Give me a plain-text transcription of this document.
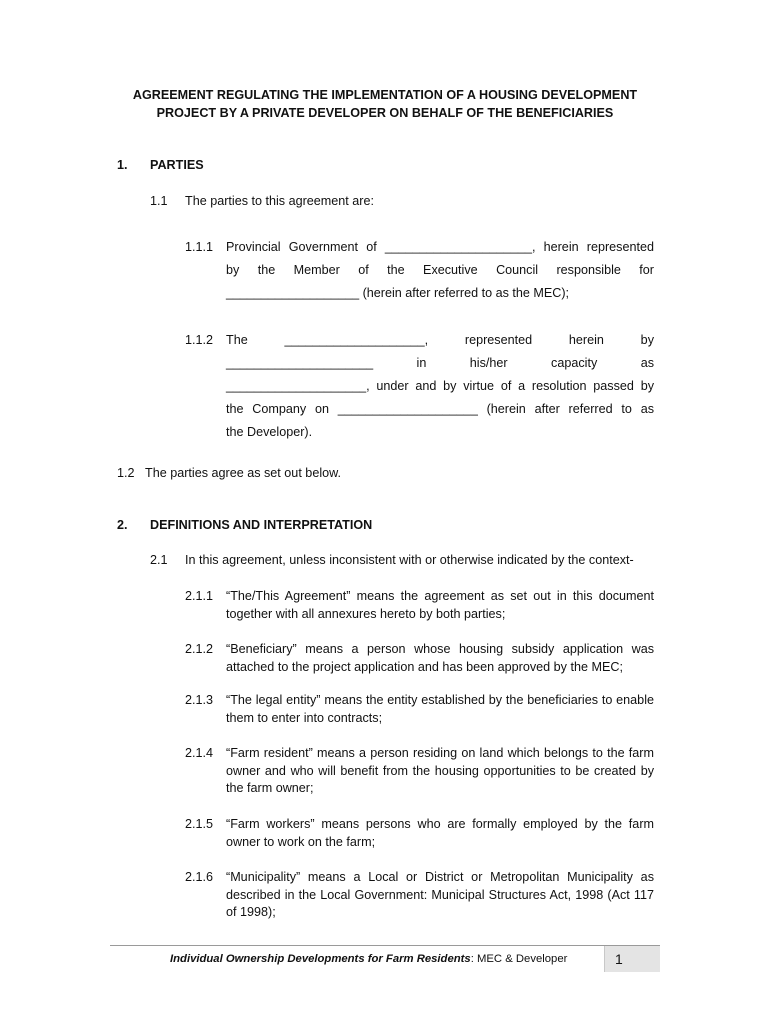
AGREEMENT REGULATING THE IMPLEMENTATION OF A HOUSING DEVELOPMENT
PROJECT BY A PRIVATE DEVELOPER ON BEHALF OF THE BENEFICIARIES
1. PARTIES
1.1 The parties to this agreement are:
1.1.1 Provincial Government of _____________________, herein represented
by the Member of the Executive Council responsible for
___________________ (herein after referred to as the MEC);
1.1.2 The ____________________, represented herein by
_____________________ in his/her capacity as
____________________, under and by virtue of a resolution passed by
the Company on ____________________ (herein after referred to as
the Developer).
1.2 The parties agree as set out below.
2. DEFINITIONS AND INTERPRETATION
2.1 In this agreement, unless inconsistent with or otherwise indicated by the context-
2.1.1 “The/This Agreement” means the agreement as set out in this document together with all annexures hereto by both parties;
2.1.2 “Beneficiary” means a person whose housing subsidy application was attached to the project application and has been approved by the MEC;
2.1.3 “The legal entity” means the entity established by the beneficiaries to enable them to enter into contracts;
2.1.4 “Farm resident” means a person residing on land which belongs to the farm owner and who will benefit from the housing opportunities to be created by the farm owner;
2.1.5 “Farm workers” means persons who are formally employed by the farm owner to work on the farm;
2.1.6 “Municipality” means a Local or District or Metropolitan Municipality as described in the Local Government: Municipal Structures Act, 1998 (Act 117 of 1998);
Individual Ownership Developments for Farm Residents: MEC & Developer	1
